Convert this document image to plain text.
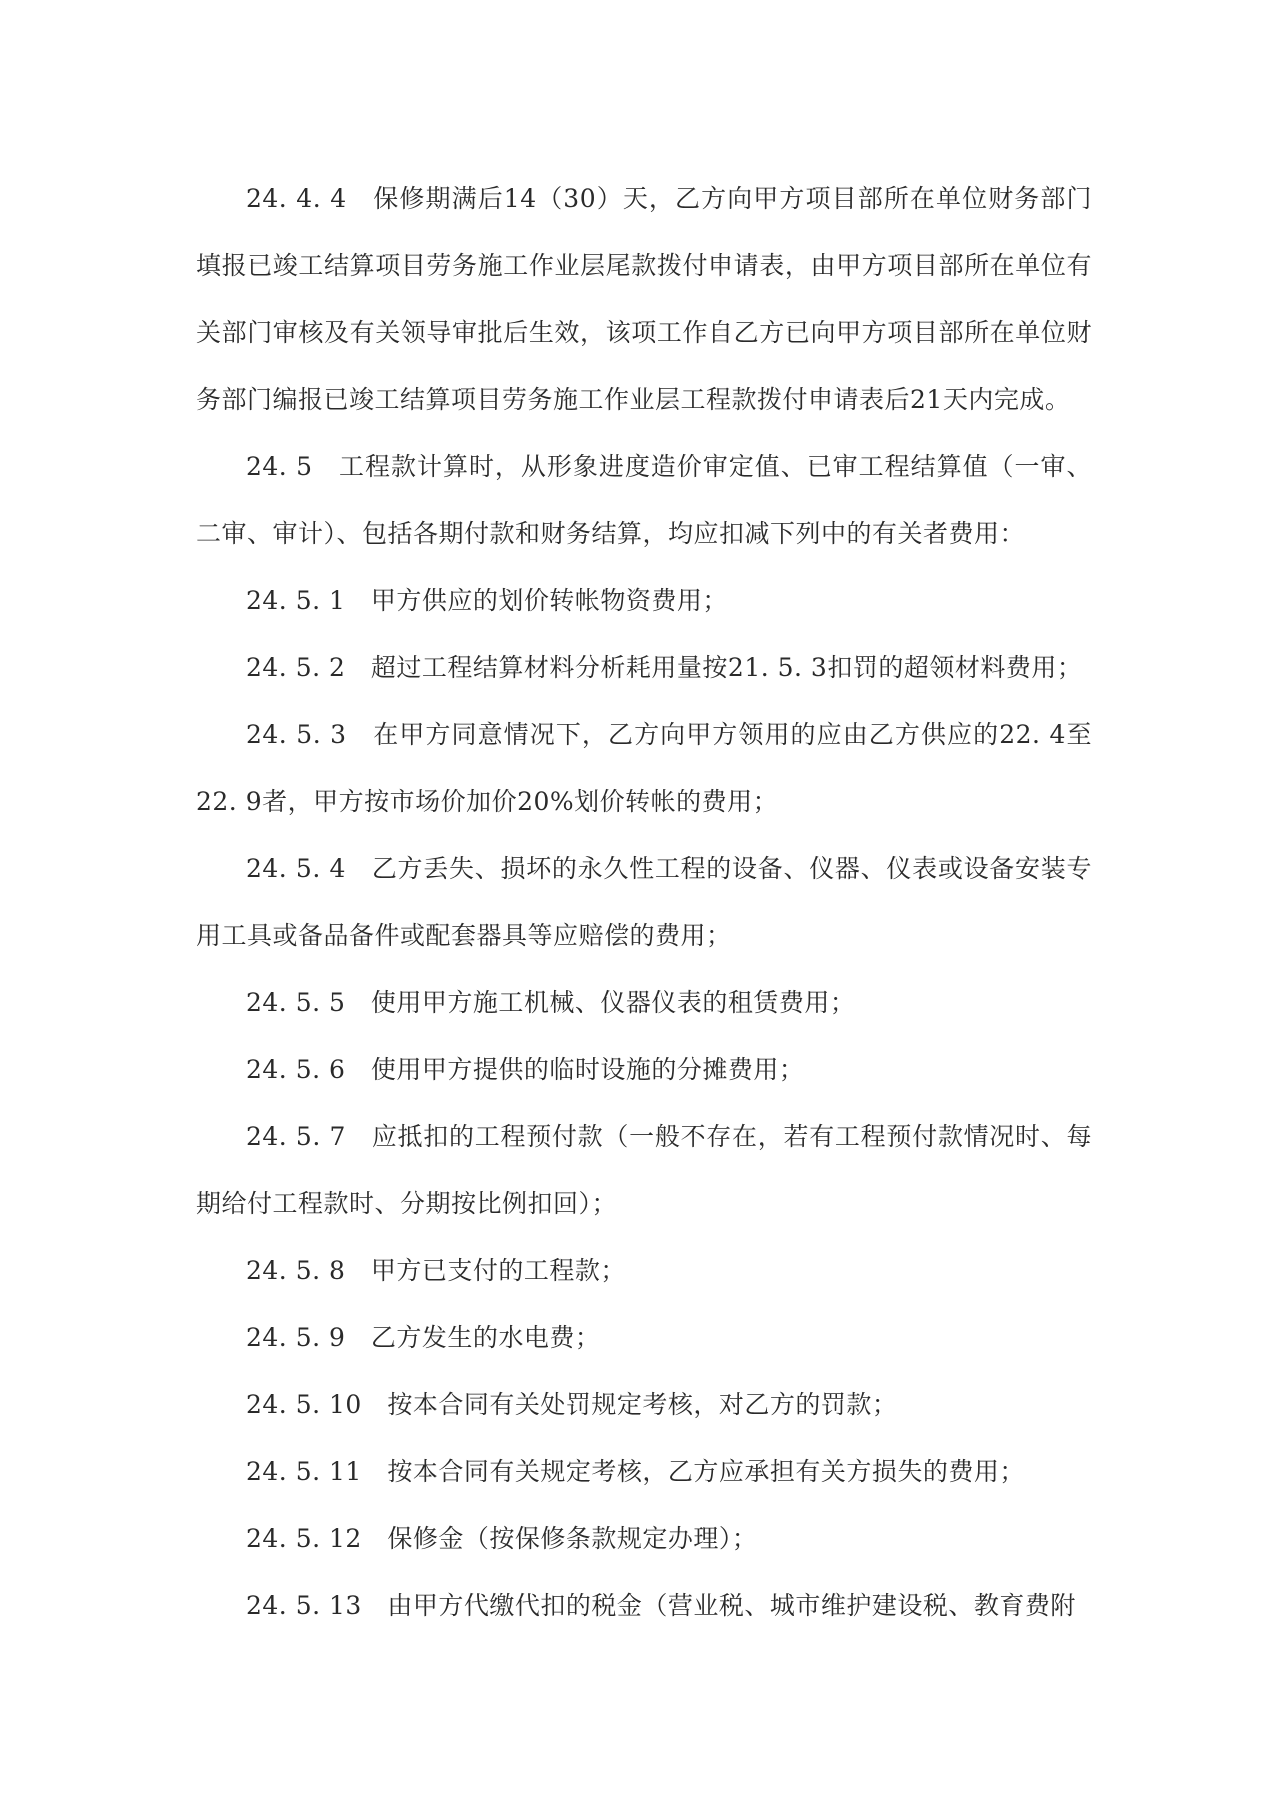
24. 4. 4　保修期满后14（30）天，乙方向甲方项目部所在单位财务部门填报已竣工结算项目劳务施工作业层尾款拨付申请表，由甲方项目部所在单位有关部门审核及有关领导审批后生效，该项工作自乙方已向甲方项目部所在单位财务部门编报已竣工结算项目劳务施工作业层工程款拨付申请表后21天内完成。

24. 5　工程款计算时，从形象进度造价审定值、已审工程结算值（一审、二审、审计）、包括各期付款和财务结算，均应扣减下列中的有关者费用：

24. 5. 1　甲方供应的划价转帐物资费用；

24. 5. 2　超过工程结算材料分析耗用量按21. 5. 3扣罚的超领材料费用；

24. 5. 3　在甲方同意情况下，乙方向甲方领用的应由乙方供应的22. 4至22. 9者，甲方按市场价加价20%划价转帐的费用；

24. 5. 4　乙方丢失、损坏的永久性工程的设备、仪器、仪表或设备安装专用工具或备品备件或配套器具等应赔偿的费用；

24. 5. 5　使用甲方施工机械、仪器仪表的租赁费用；

24. 5. 6　使用甲方提供的临时设施的分摊费用；

24. 5. 7　应抵扣的工程预付款（一般不存在，若有工程预付款情况时、每期给付工程款时、分期按比例扣回）；

24. 5. 8　甲方已支付的工程款；

24. 5. 9　乙方发生的水电费；

24. 5. 10　按本合同有关处罚规定考核，对乙方的罚款；

24. 5. 11　按本合同有关规定考核，乙方应承担有关方损失的费用；

24. 5. 12　保修金（按保修条款规定办理）；

24. 5. 13　由甲方代缴代扣的税金（营业税、城市维护建设税、教育费附
